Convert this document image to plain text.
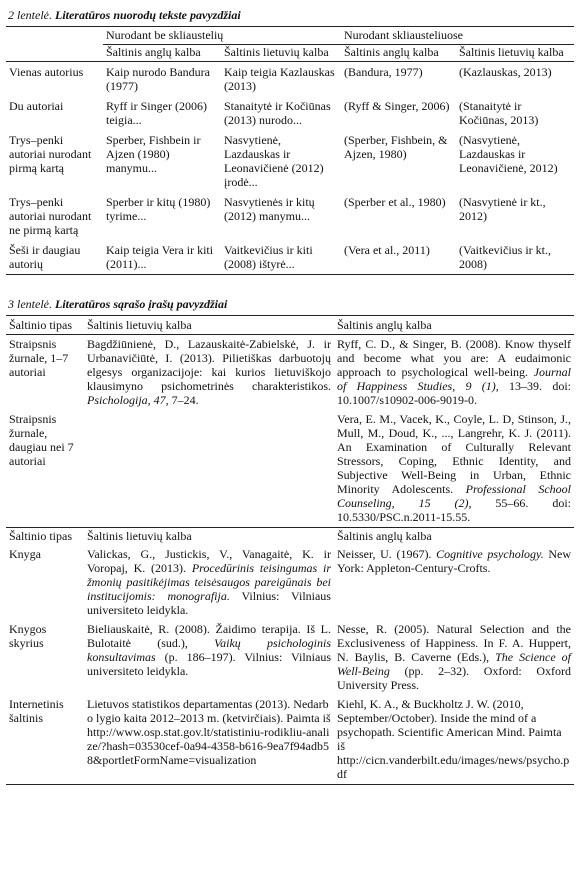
2 lentelė. Literatūros nuorodų tekste pavyzdžiai
	Nurodant be skliaustelių		Nurodant skliausteliuose	
	Šaltinis anglų kalba	Šaltinis lietuvių kalba	Šaltinis anglų kalba	Šaltinis lietuvių kalba
Vienas autorius	Kaip nurodo Bandura (1977)	Kaip teigia Kazlauskas (2013)	(Bandura, 1977)	(Kazlauskas, 2013)
Du autoriai	Ryff ir Singer (2006) teigia...	Stanaitytė ir Kočiūnas (2013) nurodo...	(Ryff & Singer, 2006)	(Stanaitytė ir Kočiūnas, 2013)
Trys–penki autoriai nurodant pirmą kartą	Sperber, Fishbein ir Ajzen (1980) manymu...	Nasvytienė, Lazdauskas ir Leonavičienė (2012) įrodė...	(Sperber, Fishbein, & Ajzen, 1980)	(Nasvytienė, Lazdauskas ir Leonavičienė, 2012)
Trys–penki autoriai nurodant ne pirmą kartą	Sperber ir kitų (1980) tyrime...	Nasvytienės ir kitų (2012) manymu...	(Sperber et al., 1980)	(Nasvytienė ir kt., 2012)
Šeši ir daugiau autorių	Kaip teigia Vera ir kiti (2011)...	Vaitkevičius ir kiti (2008) ištyrė...	(Vera et al., 2011)	(Vaitkevičius ir kt., 2008)
3 lentelė. Literatūros sąrašo įrašų pavyzdžiai
Šaltinio tipas	Šaltinis lietuvių kalba	Šaltinis anglų kalba
Straipsnis žurnale, 1–7 autoriai	Bagdžiūnienė, D., Lazauskaitė-Zabielskė, J. ir Urbanavičiūtė, I. (2013). Pilietiškas darbuotojų elgesys organizacijoje: kai kurios lietuviškojo klausimyno psichometrinės charakteristikos. Psichologija, 47, 7–24.	Ryff, C. D., & Singer, B. (2008). Know thyself and become what you are: A eudaimonic approach to psychological well-being. Journal of Happiness Studies, 9 (1), 13–39. doi: 10.1007/s10902-006-9019-0.
Straipsnis žurnale, daugiau nei 7 autoriai		Vera, E. M., Vacek, K., Coyle, L. D, Stinson, J., Mull, M., Doud, K., ..., Langrehr, K. J. (2011). An Examination of Culturally Relevant Stressors, Coping, Ethnic Identity, and Subjective Well-Being in Urban, Ethnic Minority Adolescents. Professional School Counseling, 15 (2), 55–66. doi: 10.5330/PSC.n.2011-15.55.
Šaltinio tipas	Šaltinis lietuvių kalba	Šaltinis anglų kalba
Knyga	Valickas, G., Justickis, V., Vanagaitė, K. ir Voropaj, K. (2013). Procedūrinis teisingumas ir žmonių pasitikėjimas teisėsaugos pareigūnais bei institucijomis: monografija. Vilnius: Vilniaus universiteto leidykla.	Neisser, U. (1967). Cognitive psychology. New York: Appleton-Century-Crofts.
Knygos skyrius	Bieliauskaitė, R. (2008). Žaidimo terapija. Iš L. Bulotaitė (sud.), Vaikų psichologinis konsultavimas (p. 186–197). Vilnius: Vilniaus universiteto leidykla.	Nesse, R. (2005). Natural Selection and the Exclusiveness of Happiness. In F. A. Huppert, N. Baylis, B. Caverne (Eds.), The Science of Well-Being (pp. 2–32). Oxford: Oxford University Press.
Internetinis šaltinis	Lietuvos statistikos departamentas (2013). Nedarbo lygio kaita 2012–2013 m. (ketvirčiais). Paimta iš http://www.osp.stat.gov.lt/statistiniu-rodikliu-analize/?hash=03530cef-0a94-4358-b616-9ea7f94adb58&portletFormName=visualization	Kiehl, K. A., & Buckholtz J. W. (2010, September/October). Inside the mind of a psychopath. Scientific American Mind. Paimta iš http://cicn.vanderbilt.edu/images/news/psycho.pdf
